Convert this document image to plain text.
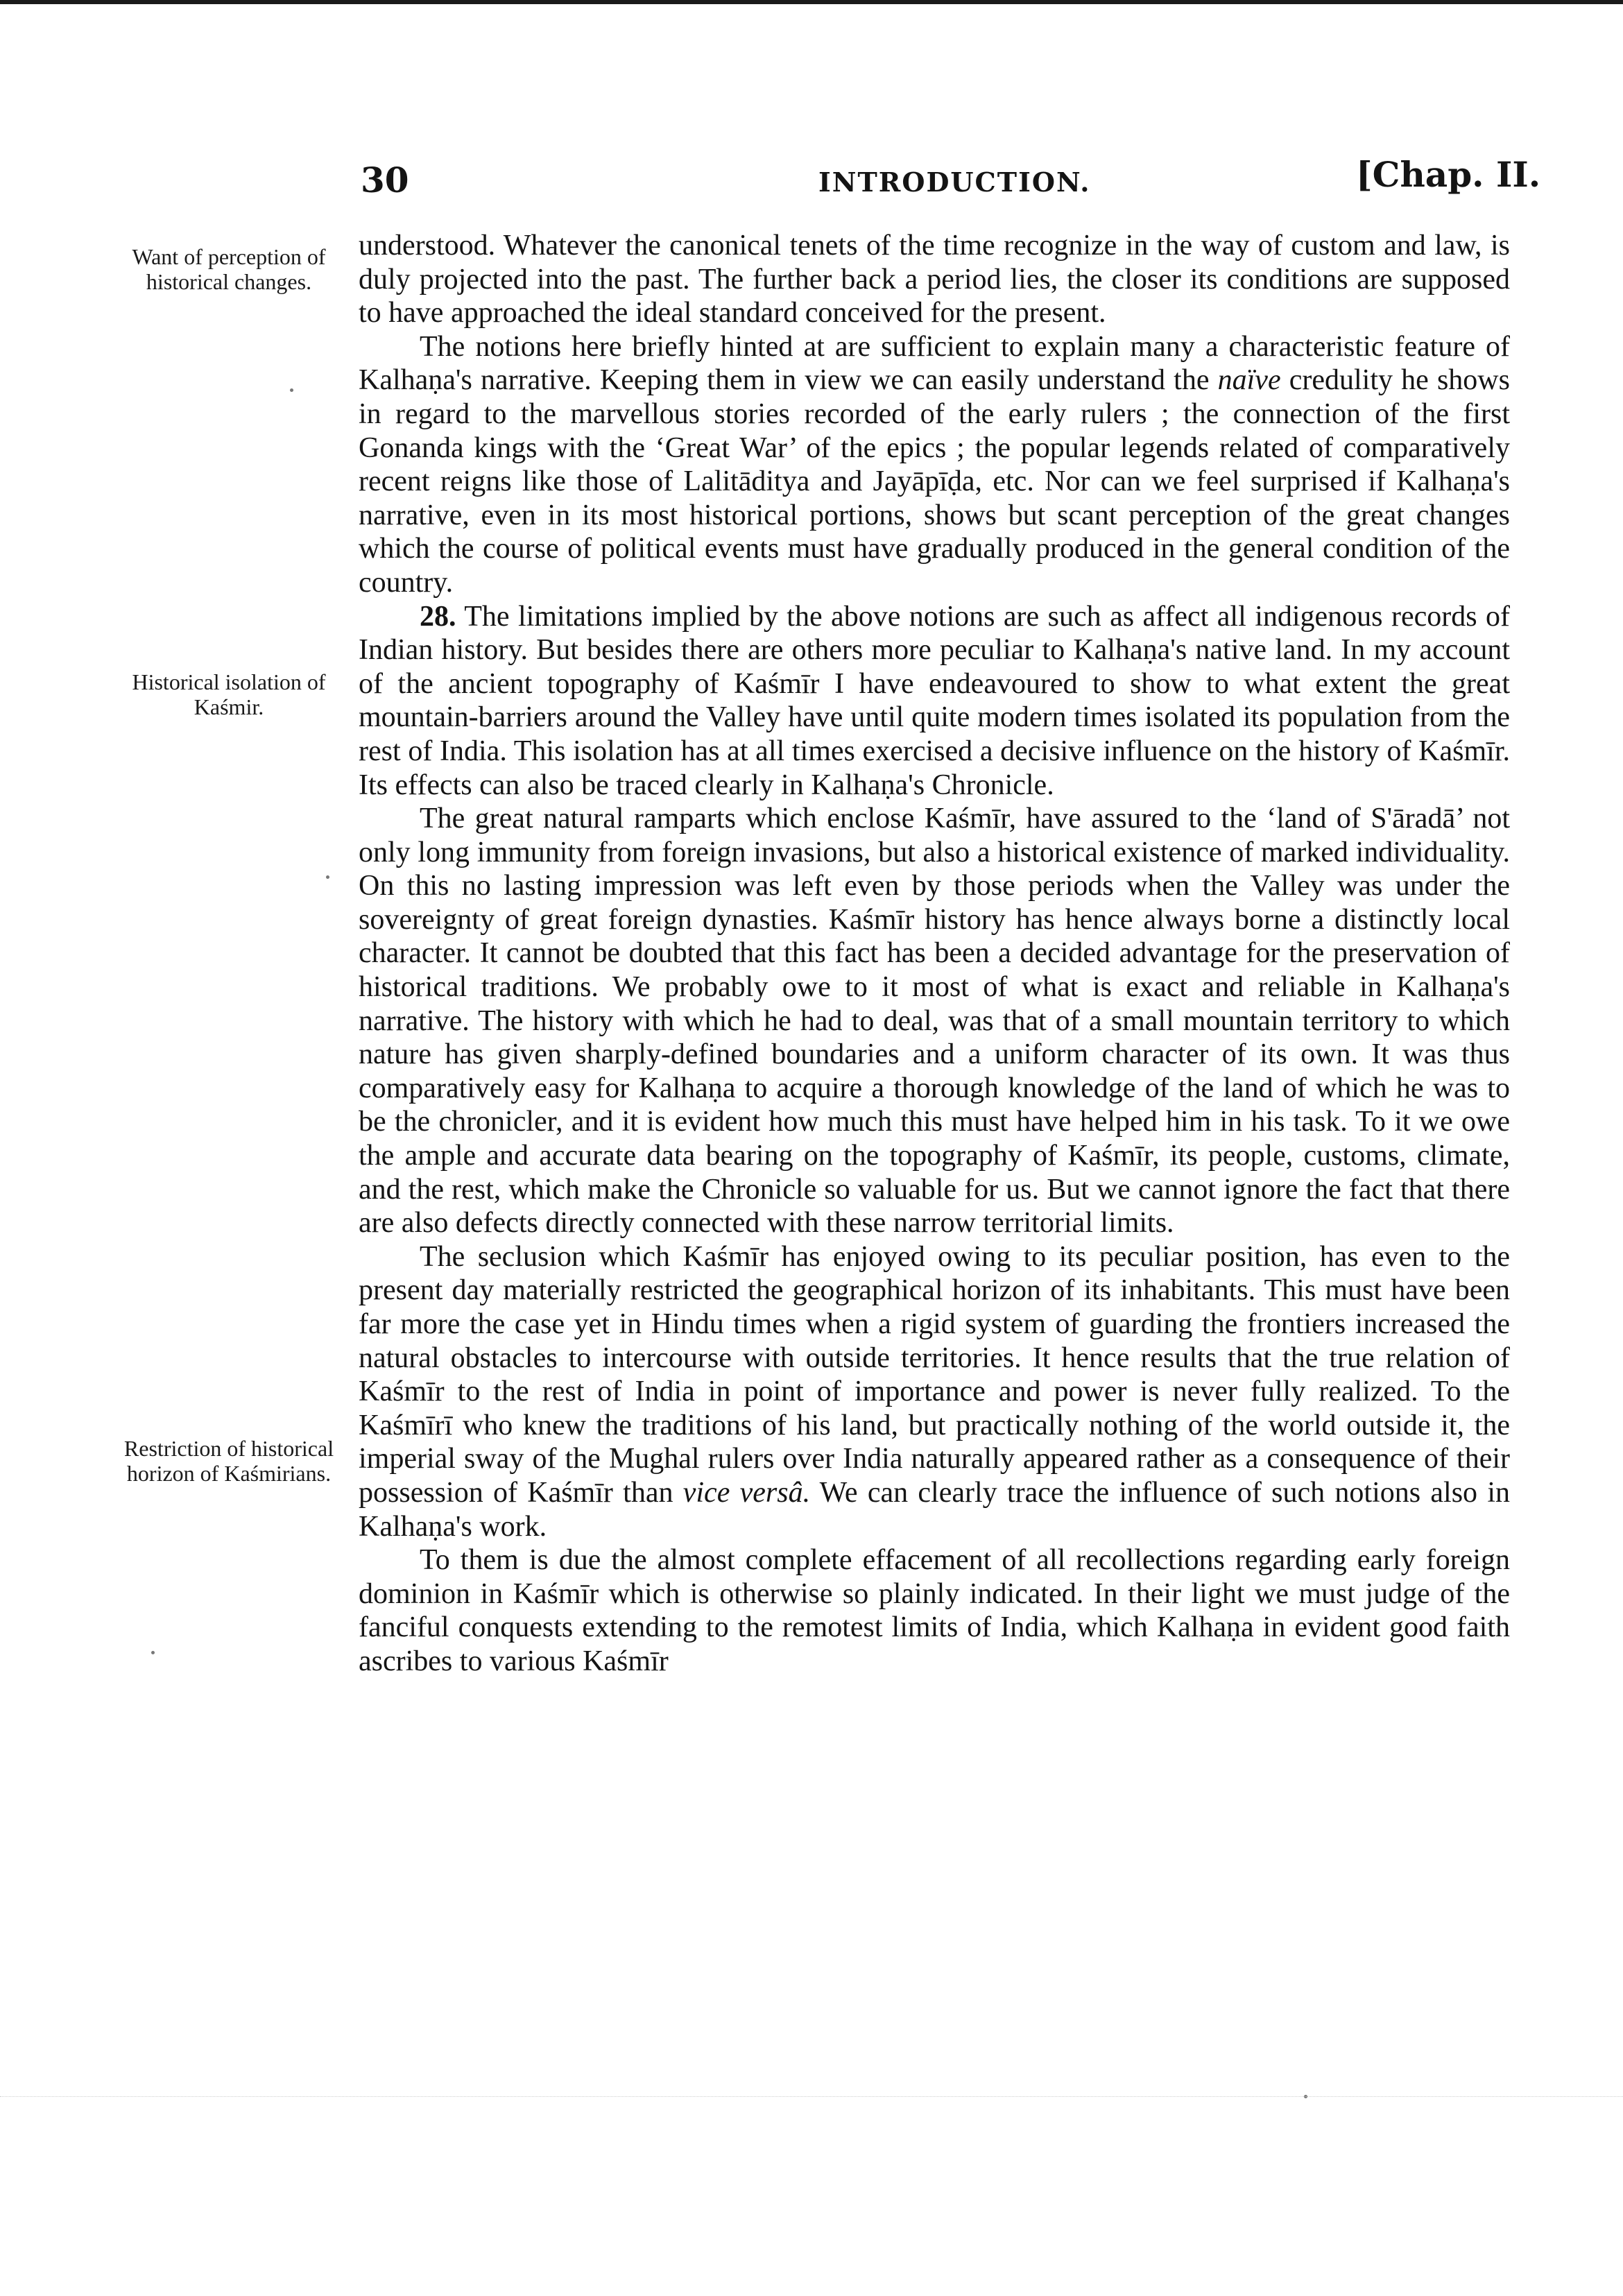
30	INTRODUCTION.	[Chap. II.
Want of perception of historical changes.
Historical isolation of Kaśmir.
Restriction of historical horizon of Kaśmirians.

understood. Whatever the canonical tenets of the time recognize in the way of custom and law, is duly projected into the past. The further back a period lies, the closer its conditions are supposed to have approached the ideal standard conceived for the present.

The notions here briefly hinted at are sufficient to explain many a characteristic feature of Kalhaṇa's narrative. Keeping them in view we can easily understand the naïve credulity he shows in regard to the marvellous stories recorded of the early rulers ; the connection of the first Gonanda kings with the ‘Great War’ of the epics ; the popular legends related of comparatively recent reigns like those of Lalitāditya and Jayāpīḍa, etc. Nor can we feel surprised if Kalhaṇa's narrative, even in its most historical portions, shows but scant perception of the great changes which the course of political events must have gradually produced in the general condition of the country.

28. The limitations implied by the above notions are such as affect all indigenous records of Indian history. But besides there are others more peculiar to Kalhaṇa's native land. In my account of the ancient topography of Kaśmīr I have endeavoured to show to what extent the great mountain-barriers around the Valley have until quite modern times isolated its population from the rest of India. This isolation has at all times exercised a decisive influence on the history of Kaśmīr. Its effects can also be traced clearly in Kalhaṇa's Chronicle.

The great natural ramparts which enclose Kaśmīr, have assured to the ‘land of S'āradā’ not only long immunity from foreign invasions, but also a historical existence of marked individuality. On this no lasting impression was left even by those periods when the Valley was under the sovereignty of great foreign dynasties. Kaśmīr history has hence always borne a distinctly local character. It cannot be doubted that this fact has been a decided advantage for the preservation of historical traditions. We probably owe to it most of what is exact and reliable in Kalhaṇa's narrative. The history with which he had to deal, was that of a small mountain territory to which nature has given sharply-defined boundaries and a uniform character of its own. It was thus comparatively easy for Kalhaṇa to acquire a thorough knowledge of the land of which he was to be the chronicler, and it is evident how much this must have helped him in his task. To it we owe the ample and accurate data bearing on the topography of Kaśmīr, its people, customs, climate, and the rest, which make the Chronicle so valuable for us. But we cannot ignore the fact that there are also defects directly connected with these narrow territorial limits.

The seclusion which Kaśmīr has enjoyed owing to its peculiar position, has even to the present day materially restricted the geographical horizon of its inhabitants. This must have been far more the case yet in Hindu times when a rigid system of guarding the frontiers increased the natural obstacles to intercourse with outside territories. It hence results that the true relation of Kaśmīr to the rest of India in point of importance and power is never fully realized. To the Kaśmīrī who knew the traditions of his land, but practically nothing of the world outside it, the imperial sway of the Mughal rulers over India naturally appeared rather as a consequence of their possession of Kaśmīr than vice versâ. We can clearly trace the influence of such notions also in Kalhaṇa's work.

To them is due the almost complete effacement of all recollections regarding early foreign dominion in Kaśmīr which is otherwise so plainly indicated. In their light we must judge of the fanciful conquests extending to the remotest limits of India, which Kalhaṇa in evident good faith ascribes to various Kaśmīr
